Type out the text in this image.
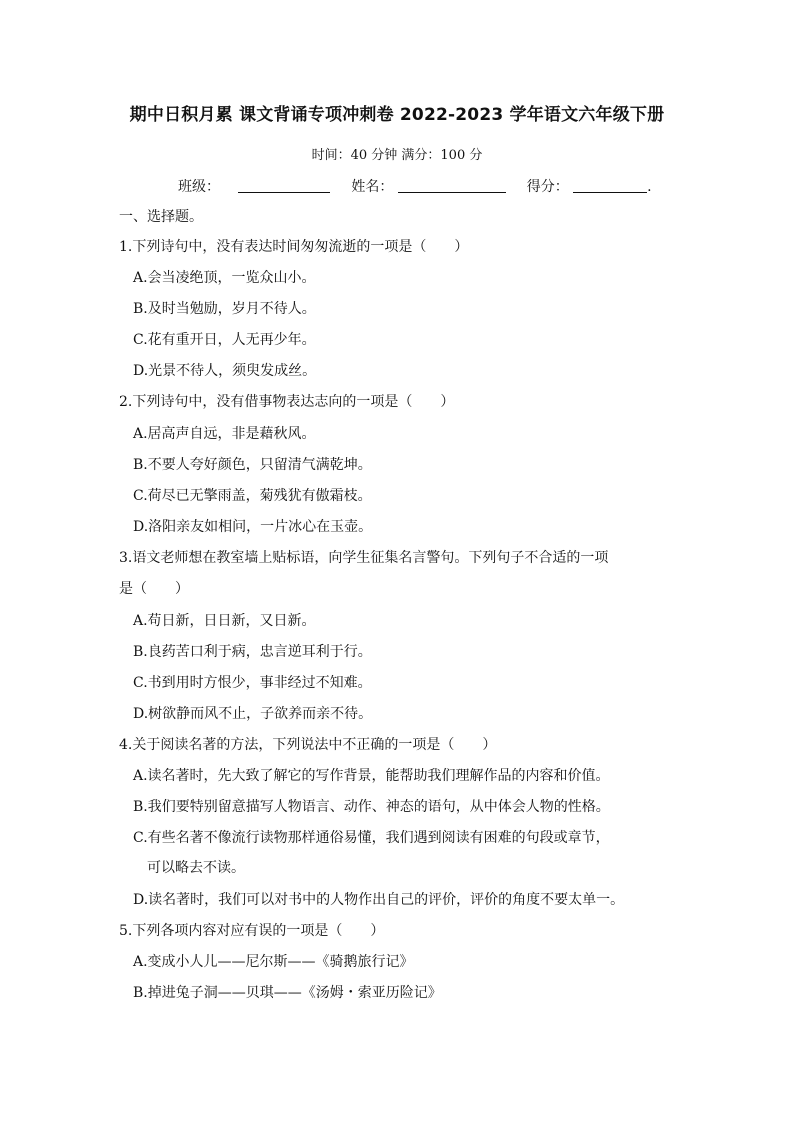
期中日积月累 课文背诵专项冲刺卷 2022-2023 学年语文六年级下册
时间：40 分钟 满分：100 分
班级：	姓名：	得分：	.
一、选择题。
1.下列诗句中，没有表达时间匆匆流逝的一项是（　　）
A.会当凌绝顶，一览众山小。
B.及时当勉励，岁月不待人。
C.花有重开日，人无再少年。
D.光景不待人，须臾发成丝。
2.下列诗句中，没有借事物表达志向的一项是（　　）
A.居高声自远，非是藉秋风。
B.不要人夸好颜色，只留清气满乾坤。
C.荷尽已无擎雨盖，菊残犹有傲霜枝。
D.洛阳亲友如相问，一片冰心在玉壶。
3.语文老师想在教室墙上贴标语，向学生征集名言警句。下列句子不合适的一项
是（　　）
A.苟日新，日日新，又日新。
B.良药苦口利于病，忠言逆耳利于行。
C.书到用时方恨少，事非经过不知难。
D.树欲静而风不止，子欲养而亲不待。
4.关于阅读名著的方法，下列说法中不正确的一项是（　　）
A.读名著时，先大致了解它的写作背景，能帮助我们理解作品的内容和价值。
B.我们要特别留意描写人物语言、动作、神态的语句，从中体会人物的性格。
C.有些名著不像流行读物那样通俗易懂，我们遇到阅读有困难的句段或章节，
可以略去不读。
D.读名著时，我们可以对书中的人物作出自己的评价，评价的角度不要太单一。
5.下列各项内容对应有误的一项是（　　）
A.变成小人儿——尼尔斯——《骑鹅旅行记》
B.掉进兔子洞——贝琪——《汤姆・索亚历险记》
